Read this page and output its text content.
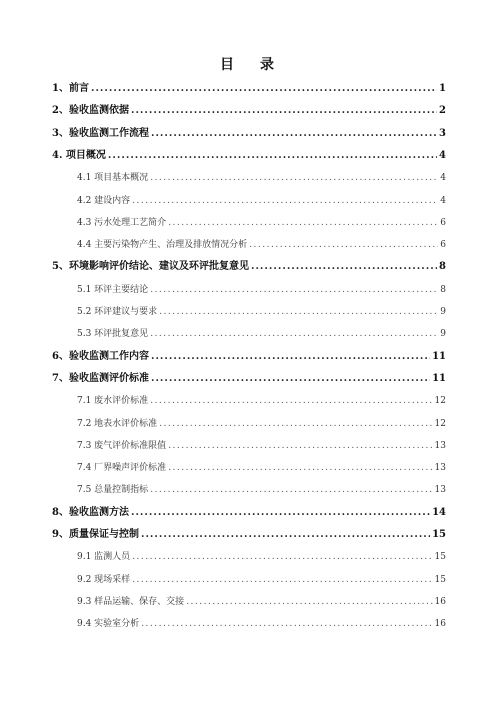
目　录
1、前言 .....	1
2、验收监测依据 .....	2
3、验收监测工作流程 .....	3
4. 项目概况 .....	4
4.1 项目基本概况 .....	4
4.2 建设内容 .....	4
4.3 污水处理工艺简介 .....	6
4.4 主要污染物产生、治理及排放情况分析 .....	6
5、环境影响评价结论、建议及环评批复意见 .....	8
5.1 环评主要结论 .....	8
5.2 环评建议与要求 .....	9
5.3 环评批复意见 .....	9
6、验收监测工作内容 .....	11
7、验收监测评价标准 .....	11
7.1 废水评价标准 .....	12
7.2 地表水评价标准 .....	12
7.3 废气评价标准限值 .....	13
7.4 厂界噪声评价标准 .....	13
7.5 总量控制指标 .....	13
8、验收监测方法 .....	14
9、质量保证与控制 .....	15
9.1 监测人员 .....	15
9.2 现场采样 .....	15
9.3 样品运输、保存、交接 .....	16
9.4 实验室分析 .....	16
